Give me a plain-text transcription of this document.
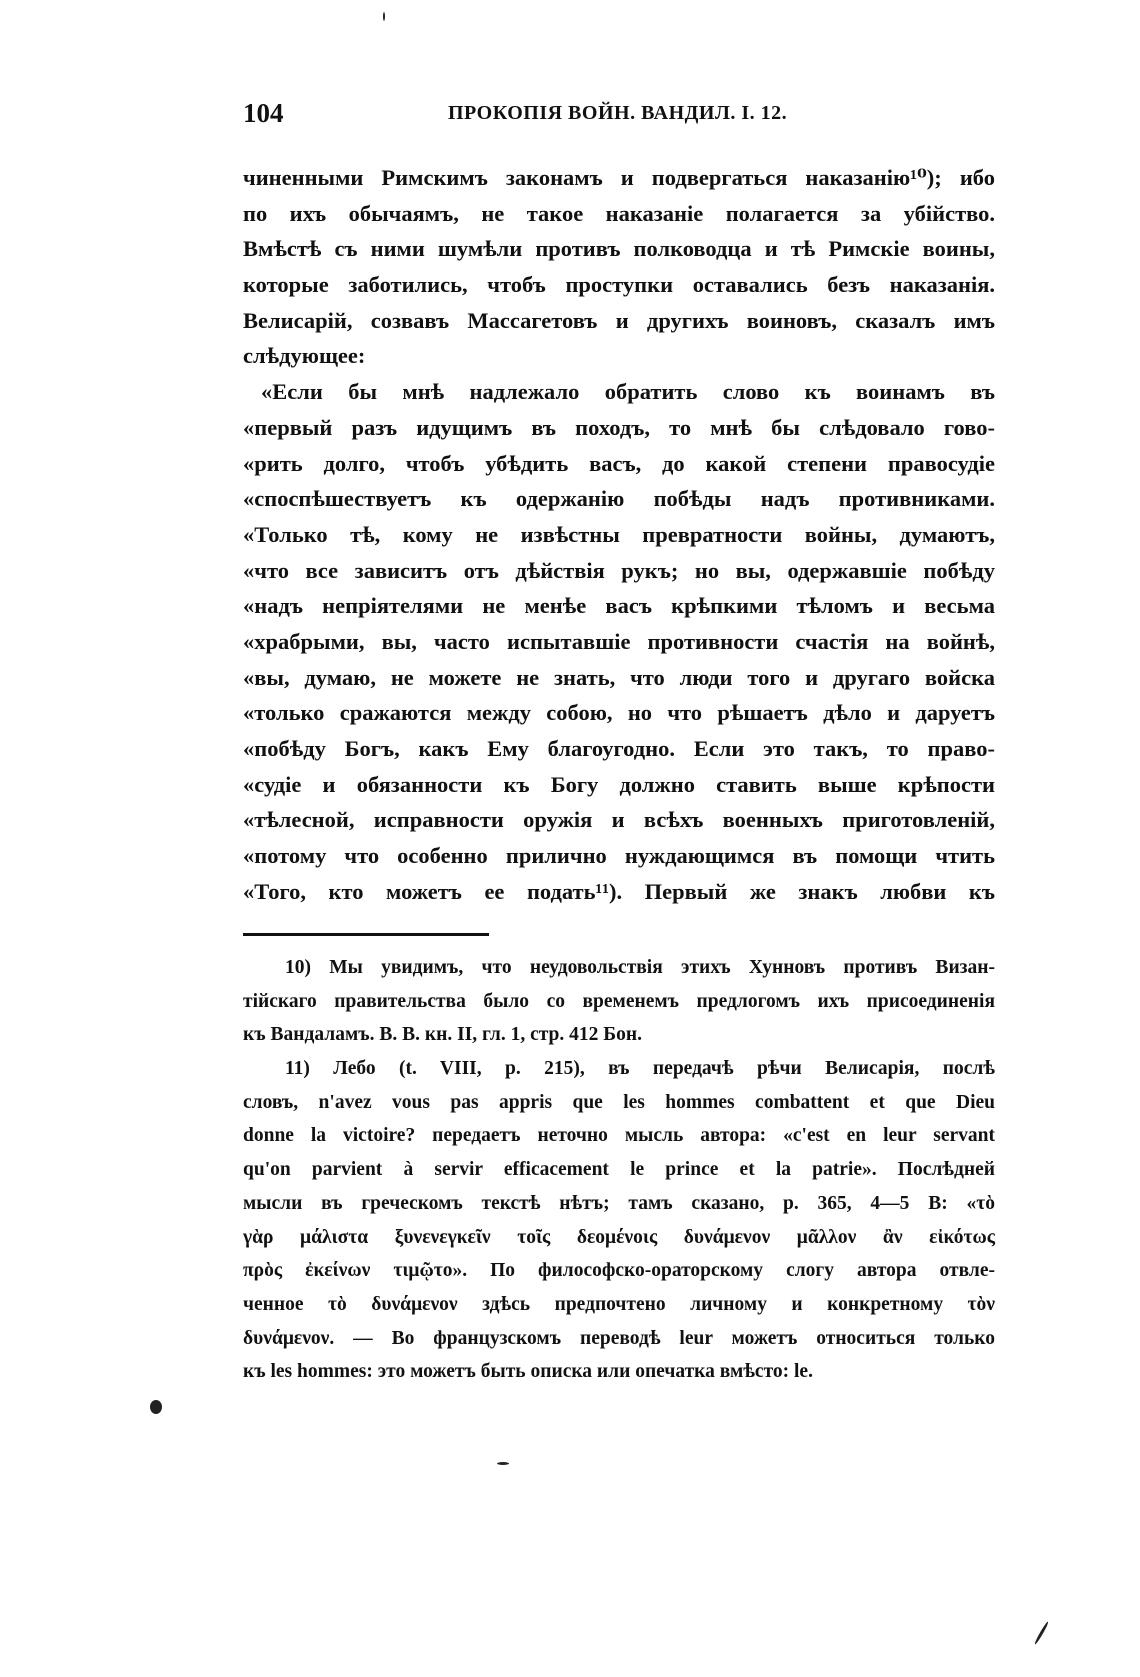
104	ПРОКОПІЯ ВОЙН. ВАНДИЛ. I. 12.
чиненными Римскимъ законамъ и подвергаться наказанію¹⁰); ибо
по ихъ обычаямъ, не такое наказаніе полагается за убійство.
Вмѣстѣ съ ними шумѣли противъ полководца и тѣ Римскіе воины,
которые заботились, чтобъ проступки оставались безъ наказанія.
Велисарій, созвавъ Массагетовъ и другихъ воиновъ, сказалъ имъ
слѣдующее:
«Если бы мнѣ надлежало обратить слово къ воинамъ въ
«первый разъ идущимъ въ походъ, то мнѣ бы слѣдовало гово-
«рить долго, чтобъ убѣдить васъ, до какой степени правосудіе
«споспѣшествуетъ къ одержанію побѣды надъ противниками.
«Только тѣ, кому не извѣстны превратности войны, думаютъ,
«что все зависитъ отъ дѣйствія рукъ; но вы, одержавшіе побѣду
«надъ непріятелями не менѣе васъ крѣпкими тѣломъ и весьма
«храбрыми, вы, часто испытавшіе противности счастія на войнѣ,
«вы, думаю, не можете не знать, что люди того и другаго войска
«только сражаются между собою, но что рѣшаетъ дѣло и даруетъ
«побѣду Богъ, какъ Ему благоугодно. Если это такъ, то право-
«судіе и обязанности къ Богу должно ставить выше крѣпости
«тѣлесной, исправности оружія и всѣхъ военныхъ приготовленій,
«потому что особенно прилично нуждающимся въ помощи чтить
«Того, кто можетъ ее подать¹¹). Первый же знакъ любви къ
10) Мы увидимъ, что неудовольствія этихъ Хунновъ противъ Визан-
тійскаго правительства было со временемъ предлогомъ ихъ присоединенія
къ Вандаламъ. В. В. кн. II, гл. 1, стр. 412 Бон.
11) Лебо (t. VIII, p. 215), въ передачѣ рѣчи Велисарія, послѣ
словъ, n'avez vous pas appris que les hommes combattent et que Dieu
donne la victoire? передаетъ неточно мысль автора: «c'est en leur servant
qu'on parvient à servir efficacement le prince et la patrie». Послѣдней
мысли въ греческомъ текстѣ нѣтъ; тамъ сказано, p. 365, 4—5 B: «τὸ
γὰρ μάλιστα ξυνενεγκεῖν τοῖς δεομένοις δυνάμενον μᾶλλον ἂν εἰκότως
πρὸς ἐκείνων τιμῷτο». По философско-ораторскому слогу автора отвле-
ченное τὸ δυνάμενον здѣсь предпочтено личному и конкретному τὸν
δυνάμενον. — Во французскомъ переводѣ leur можетъ относиться только
къ les hommes: это можетъ быть описка или опечатка вмѣсто: le.
